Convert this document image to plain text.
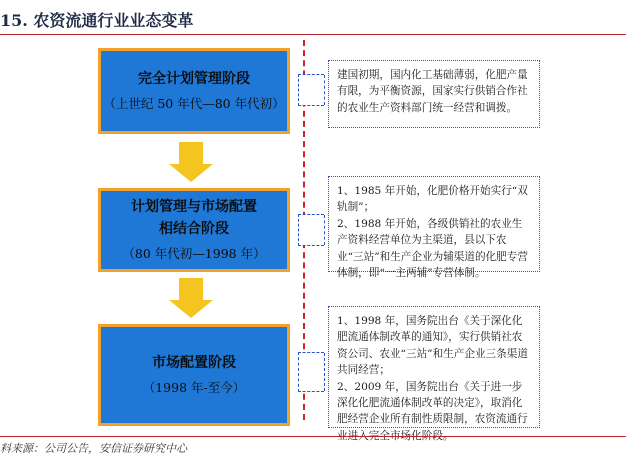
15. 农资流通行业业态变革
完全计划管理阶段
（上世纪 50 年代—80 年代初）
计划管理与市场配置
相结合阶段
（80 年代初—1998 年）
市场配置阶段
（1998 年-至今）

建国初期，国内化工基础薄弱，化肥产量有限，为平衡资源，国家实行供销合作社的农业生产资料部门统一经营和调拨。

1、1985 年开始，化肥价格开始实行“双轨制”；

2、1988 年开始，各级供销社的农业生产资料经营单位为主渠道，县以下农业“三站”和生产企业为辅渠道的化肥专营体制，即“一主两辅”专营体制。

1、1998 年，国务院出台《关于深化化肥流通体制改革的通知》，实行供销社农资公司、农业“三站”和生产企业三条渠道共同经营；

2、2009 年，国务院出台《关于进一步深化化肥流通体制改革的决定》，取消化肥经营企业所有制性质限制，农资流通行业进入完全市场化阶段。

料来源：公司公告，安信证券研究中心
